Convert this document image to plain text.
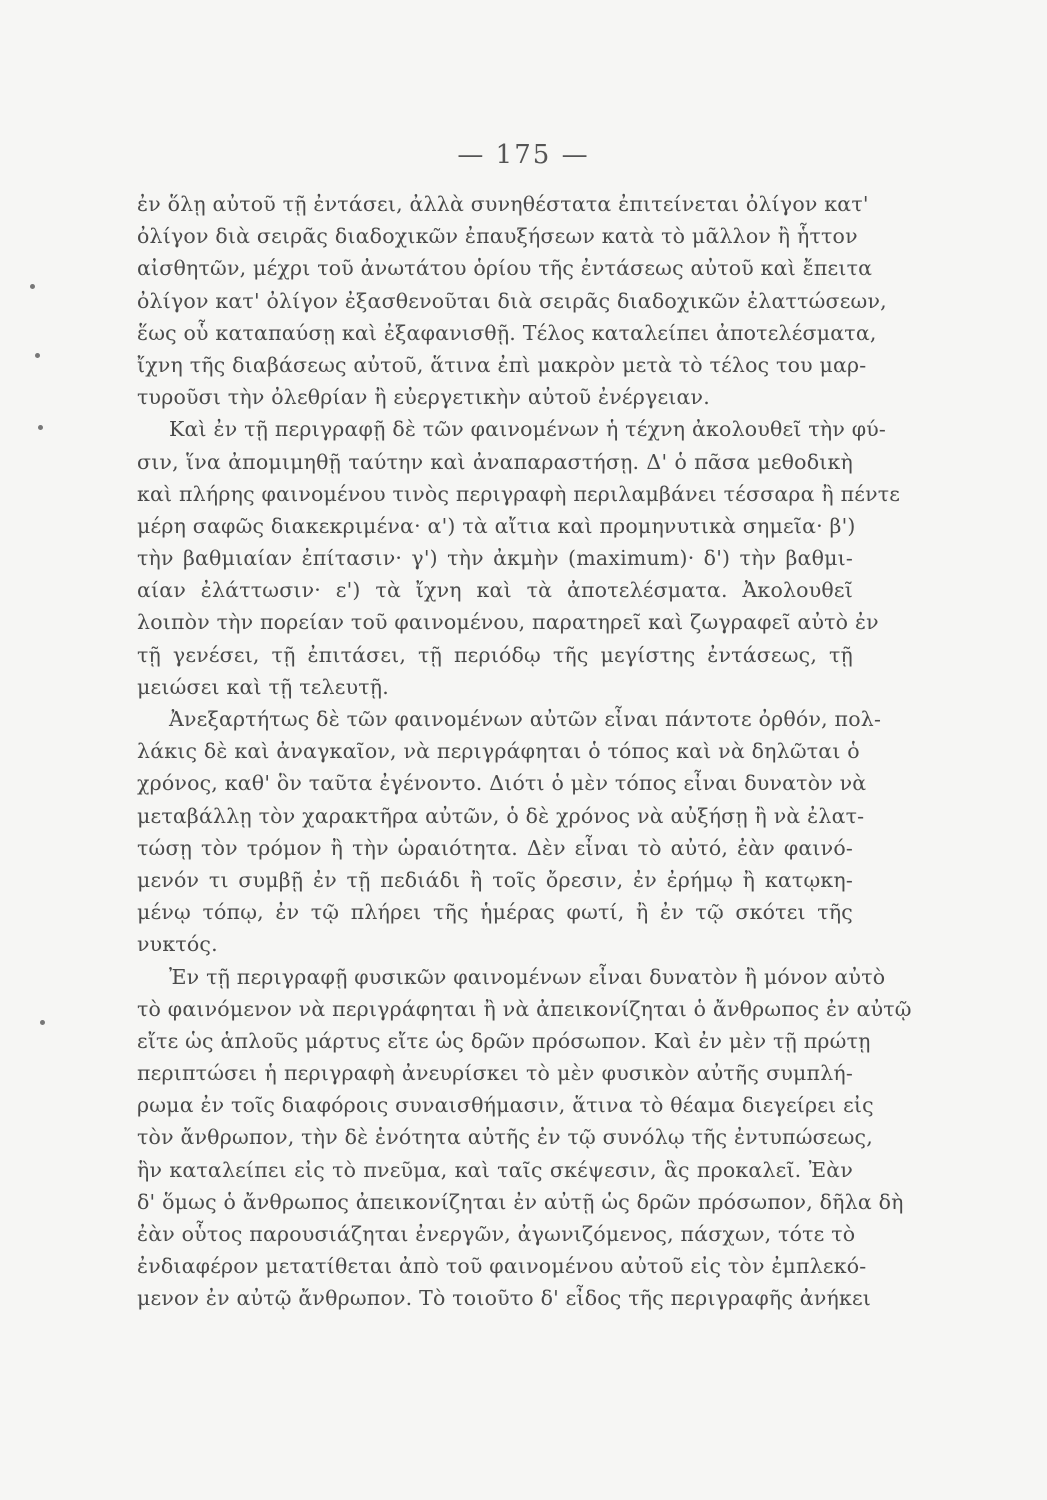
— 175 —
ἐν ὅλῃ αὐτοῦ τῇ ἐντάσει, ἀλλὰ συνηθέστατα ἐπιτείνεται ὀλίγον κατ'
ὀλίγον διὰ σειρᾶς διαδοχικῶν ἐπαυξήσεων κατὰ τὸ μᾶλλον ἢ ἧττον
αἰσθητῶν, μέχρι τοῦ ἀνωτάτου ὁρίου τῆς ἐντάσεως αὐτοῦ καὶ ἔπειτα
ὀλίγον κατ' ὀλίγον ἐξασθενοῦται διὰ σειρᾶς διαδοχικῶν ἐλαττώσεων,
ἕως οὗ καταπαύσῃ καὶ ἐξαφανισθῇ. Τέλος καταλείπει ἀποτελέσματα,
ἴχνη τῆς διαβάσεως αὐτοῦ, ἅτινα ἐπὶ μακρὸν μετὰ τὸ τέλος του μαρ-
τυροῦσι τὴν ὀλεθρίαν ἢ εὐεργετικὴν αὐτοῦ ἐνέργειαν.
Καὶ ἐν τῇ περιγραφῇ δὲ τῶν φαινομένων ἡ τέχνη ἀκολουθεῖ τὴν φύ-
σιν, ἵνα ἀπομιμηθῇ ταύτην καὶ ἀναπαραστήσῃ. Δ' ὁ πᾶσα μεθοδικὴ
καὶ πλήρης φαινομένου τινὸς περιγραφὴ περιλαμβάνει τέσσαρα ἢ πέντε
μέρη σαφῶς διακεκριμένα· α') τὰ αἴτια καὶ προμηνυτικὰ σημεῖα· β')
τὴν βαθμιαίαν ἐπίτασιν· γ') τὴν ἀκμὴν (maximum)· δ') τὴν βαθμι-
αίαν ἐλάττωσιν· ε') τὰ ἴχνη καὶ τὰ ἀποτελέσματα. Ἀκολουθεῖ
λοιπὸν τὴν πορείαν τοῦ φαινομένου, παρατηρεῖ καὶ ζωγραφεῖ αὐτὸ ἐν
τῇ γενέσει, τῇ ἐπιτάσει, τῇ περιόδῳ τῆς μεγίστης ἐντάσεως, τῇ
μειώσει καὶ τῇ τελευτῇ.
Ἀνεξαρτήτως δὲ τῶν φαινομένων αὐτῶν εἶναι πάντοτε ὀρθόν, πολ-
λάκις δὲ καὶ ἀναγκαῖον, νὰ περιγράφηται ὁ τόπος καὶ νὰ δηλῶται ὁ
χρόνος, καθ' ὃν ταῦτα ἐγένοντο. Διότι ὁ μὲν τόπος εἶναι δυνατὸν νὰ
μεταβάλλῃ τὸν χαρακτῆρα αὐτῶν, ὁ δὲ χρόνος νὰ αὐξήσῃ ἢ νὰ ἐλατ-
τώσῃ τὸν τρόμον ἢ τὴν ὡραιότητα. Δὲν εἶναι τὸ αὐτό, ἐὰν φαινό-
μενόν τι συμβῇ ἐν τῇ πεδιάδι ἢ τοῖς ὄρεσιν, ἐν ἐρήμῳ ἢ κατῳκη-
μένῳ τόπῳ, ἐν τῷ πλήρει τῆς ἡμέρας φωτί, ἢ ἐν τῷ σκότει τῆς
νυκτός.
Ἐν τῇ περιγραφῇ φυσικῶν φαινομένων εἶναι δυνατὸν ἢ μόνον αὐτὸ
τὸ φαινόμενον νὰ περιγράφηται ἢ νὰ ἀπεικονίζηται ὁ ἄνθρωπος ἐν αὐτῷ
εἴτε ὡς ἁπλοῦς μάρτυς εἴτε ὡς δρῶν πρόσωπον. Καὶ ἐν μὲν τῇ πρώτῃ
περιπτώσει ἡ περιγραφὴ ἀνευρίσκει τὸ μὲν φυσικὸν αὐτῆς συμπλή-
ρωμα ἐν τοῖς διαφόροις συναισθήμασιν, ἅτινα τὸ θέαμα διεγείρει εἰς
τὸν ἄνθρωπον, τὴν δὲ ἑνότητα αὐτῆς ἐν τῷ συνόλῳ τῆς ἐντυπώσεως,
ἣν καταλείπει εἰς τὸ πνεῦμα, καὶ ταῖς σκέψεσιν, ἃς προκαλεῖ. Ἐὰν
δ' ὅμως ὁ ἄνθρωπος ἀπεικονίζηται ἐν αὐτῇ ὡς δρῶν πρόσωπον, δῆλα δὴ
ἐὰν οὗτος παρουσιάζηται ἐνεργῶν, ἀγωνιζόμενος, πάσχων, τότε τὸ
ἐνδιαφέρον μετατίθεται ἀπὸ τοῦ φαινομένου αὐτοῦ εἰς τὸν ἐμπλεκό-
μενον ἐν αὐτῷ ἄνθρωπον. Τὸ τοιοῦτο δ' εἶδος τῆς περιγραφῆς ἀνήκει
